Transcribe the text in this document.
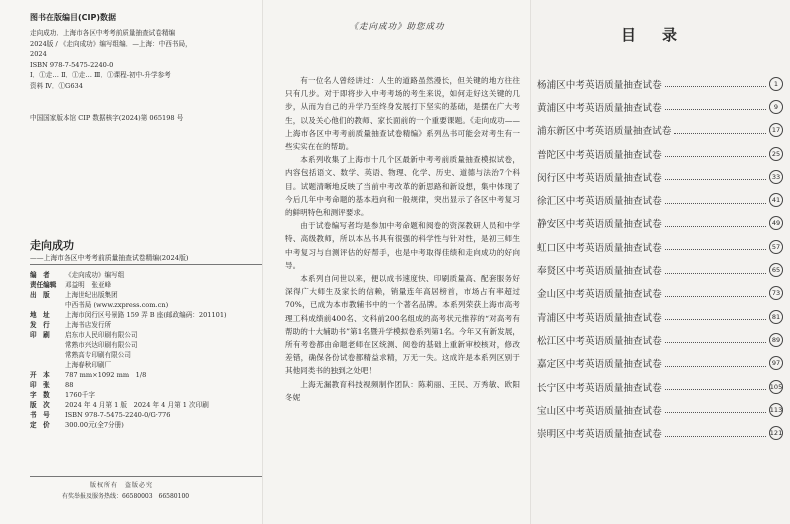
图书在版编目(CIP)数据
走向成功．上海市各区中考考前质量抽查试卷精编
2024版 / 《走向成功》编写组编．—上海：中西书局，
2024
ISBN 978-7-5475-2240-0
Ⅰ．①走… Ⅱ．①走… Ⅲ．①课程-初中-升学参考
资料 Ⅳ．①G634
中国国家版本馆 CIP 数据核字(2024)第 065198 号
走向成功
——上海市各区中考考前质量抽查试卷精编(2024版)
编　者	《走向成功》编写组
责任编辑	邓益明　张亚峰
出　版	上海世纪出版集团
中西书局 (www.zxpress.com.cn)
地　址	上海市闵行区号景路 159 弄 B 座(邮政编码：201101)
发　行	上海书店发行所
印　刷	启东市人民印刷有限公司
常熟市兴达印刷有限公司
常熟高专印刷有限公司
上海春秋印刷厂
开　本	787 mm×1092 mm　1/8
印　张	88
字　数	1760千字
版　次	2024 年 4 月第 1 版　2024 年 4 月第 1 次印刷
书　号	ISBN 978-7-5475-2240-0/G·776
定　价	300.00元(全7分册)
版权所有　盗版必究
有奖举报及服务热线：66580003　66580100
《走向成功》助您成功

有一位名人曾经讲过：人生的道路虽然漫长，但关键的地方往往只有几步。对于即将步入中考考场的考生来说，如何走好这关键的几步，从而为自己的升学乃至终身发展打下坚实的基础，是摆在广大考生，以及关心他们的教师、家长面前的一个重要课题。《走向成功——上海市各区中考考前质量抽查试卷精编》系列丛书可能会对考生有一些实实在在的帮助。

本系列收集了上海市十几个区最新中考考前质量抽查模拟试卷，内容包括语文、数学、英语、物理、化学、历史、道德与法治7个科目。试题清晰地反映了当前中考改革的新思路和新设想，集中体现了今后几年中考命题的基本趋向和一般规律，突出显示了各区中考复习的鲜明特色和测评要求。

由于试卷编写者均是参加中考命题和阅卷的资深教研人员和中学特、高级教师，所以本丛书具有很强的科学性与针对性，是初三师生中考复习与自测评估的好帮手，也是中考取得佳绩和走向成功的好向导。

本系列自问世以来，便以成书速度快、印刷质量高、配套服务好深得广大师生及家长的信赖，销量连年高居榜首，市场占有率超过70%，已成为本市教辅书中的一个著名品牌。本系列荣获上海市高考理工科成绩前400名、文科前200名组成的高考状元推荐的“对高考有帮助的十大辅助书”第1名暨升学模拟卷系列第1名。今年又有新发展，所有考卷都由命题老师在区统测、阅卷的基础上重新审校核对，修改差错，确保各份试卷都精益求精，万无一失。这成许是本系列区别于其他同类书的独到之处吧！

上海无漏教育科技视频制作团队：陈莉丽、王民、万秀敏、欧阳冬妮

目录
杨浦区中考英语质量抽查试卷	1
黄浦区中考英语质量抽查试卷	9
浦东新区中考英语质量抽查试卷	17
普陀区中考英语质量抽查试卷	25
闵行区中考英语质量抽查试卷	33
徐汇区中考英语质量抽查试卷	41
静安区中考英语质量抽查试卷	49
虹口区中考英语质量抽查试卷	57
奉贤区中考英语质量抽查试卷	65
金山区中考英语质量抽查试卷	73
青浦区中考英语质量抽查试卷	81
松江区中考英语质量抽查试卷	89
嘉定区中考英语质量抽查试卷	97
长宁区中考英语质量抽查试卷	105
宝山区中考英语质量抽查试卷	113
崇明区中考英语质量抽查试卷	121
